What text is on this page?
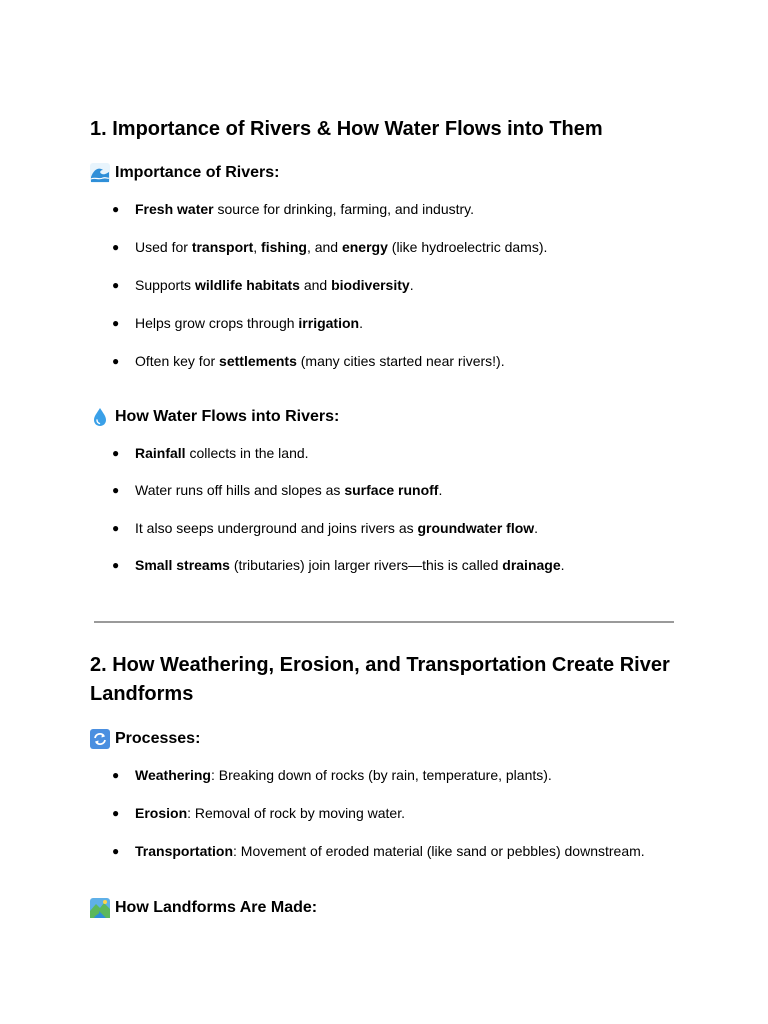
1. Importance of Rivers & How Water Flows into Them
Importance of Rivers:
● Fresh water source for drinking, farming, and industry.
● Used for transport, fishing, and energy (like hydroelectric dams).
● Supports wildlife habitats and biodiversity.
● Helps grow crops through irrigation.
● Often key for settlements (many cities started near rivers!).
How Water Flows into Rivers:
● Rainfall collects in the land.
● Water runs off hills and slopes as surface runoff.
● It also seeps underground and joins rivers as groundwater flow.
● Small streams (tributaries) join larger rivers—this is called drainage.
2. How Weathering, Erosion, and Transportation Create River Landforms
Processes:
● Weathering: Breaking down of rocks (by rain, temperature, plants).
● Erosion: Removal of rock by moving water.
● Transportation: Movement of eroded material (like sand or pebbles) downstream.
How Landforms Are Made:
